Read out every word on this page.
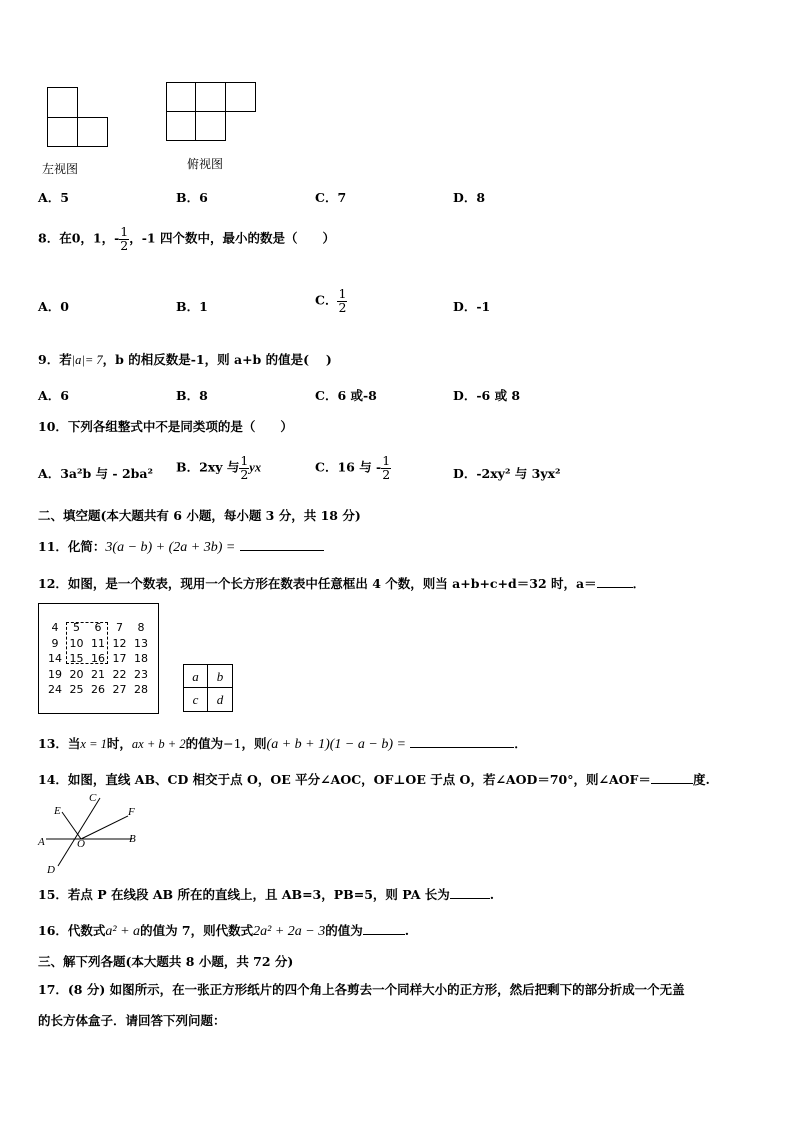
左视图	俯视图
A．5	B．6	C．7	D．8
8．在0，1，- $\frac{1}{2}$ ，-1 四个数中，最小的数是（　　）
A．0	B．1	C． $\frac{1}{2}$	D．-1
9．若|a|= 7，b 的相反数是-1，则 a+b 的值是(　 )
A．6	B．8	C．6 或-8	D．-6 或 8
10．下列各组整式中不是同类项的是（　　）
A．3a²b 与 - 2ba² B．2xy 与 $\frac{1}{2}$ yx	C．16 与 - $\frac{1}{2}$	D．-2xy² 与 3yx²
二、填空题(本大题共有 6 小题，每小题 3 分，共 18 分)
11．化简：3(a − b) + (2a + 3b) =
12．如图，是一个数表，现用一个长方形在数表中任意框出 4 个数，则当 a+b+c+d＝32 时，a＝	．
4	5	6	7	8
9	10 11 12 13
14 15 16 17 18
19 20 21 22 23
24 25 26 27 28
a	b
c	d
13．当x = 1时，ax + b + 2的值为−1，则(a + b + 1)(1 − a − b) =	．
14．如图，直线 AB、CD 相交于点 O，OE 平分∠AOC，OF⊥OE 于点 O，若∠AOD＝70°，则∠AOF＝	度.
E
C
F
A	O	B
D
15．若点 P 在线段 AB 所在的直线上，且 AB=3，PB=5，则 PA 长为	.
16．代数式a² + a的值为 7，则代数式2a² + 2a − 3的值为	.
三、解下列各题(本大题共 8 小题，共 72 分)
17．(8 分) 如图所示，在一张正方形纸片的四个角上各剪去一个同样大小的正方形，然后把剩下的部分折成一个无盖
的长方体盒子．请回答下列问题：
